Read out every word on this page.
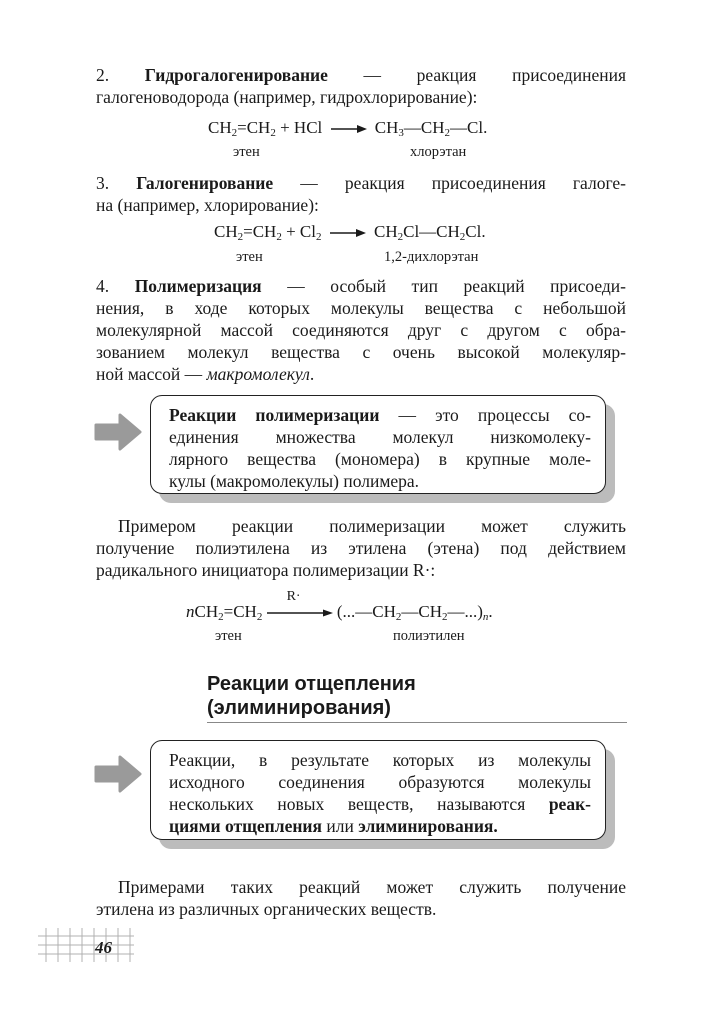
2. Гидрогалогенирование — реакция присоединения
галогеноводорода (например, гидрохлорирование):
$CH_2=CH_2$ + HCl → $CH_3—CH_2—Cl$.
этен	хлорэтан
3. Галогенирование — реакция присоединения галоге-
на (например, хлорирование):
$CH_2=CH_2 + Cl_2$ → $CH_2Cl—CH_2Cl$.
этен	1,2-дихлорэтан
4. Полимеризация — особый тип реакций присоеди-
нения, в ходе которых молекулы вещества с небольшой
молекулярной массой соединяются друг с другом с обра-
зованием молекул вещества с очень высокой молекуляр-
ной массой — макромолекул.
Реакции полимеризации — это процессы со-
единения множества молекул низкомолеку-
лярного вещества (мономера) в крупные моле-
кулы (макромолекулы) полимера.
Примером реакции полимеризации может служить
получение полиэтилена из этилена (этена) под действием
радикального инициатора полимеризации R·:
$nCH_2=CH_2$
R·
$(...—CH_2—CH_2—...)_n$.
этен	полиэтилен
Реакции отщепления
(элиминирования)
Реакции, в результате которых из молекулы
исходного соединения образуются молекулы
нескольких новых веществ, называются реак-
циями отщепления или элиминирования.
Примерами таких реакций может служить получение
этилена из различных органических веществ.
46
